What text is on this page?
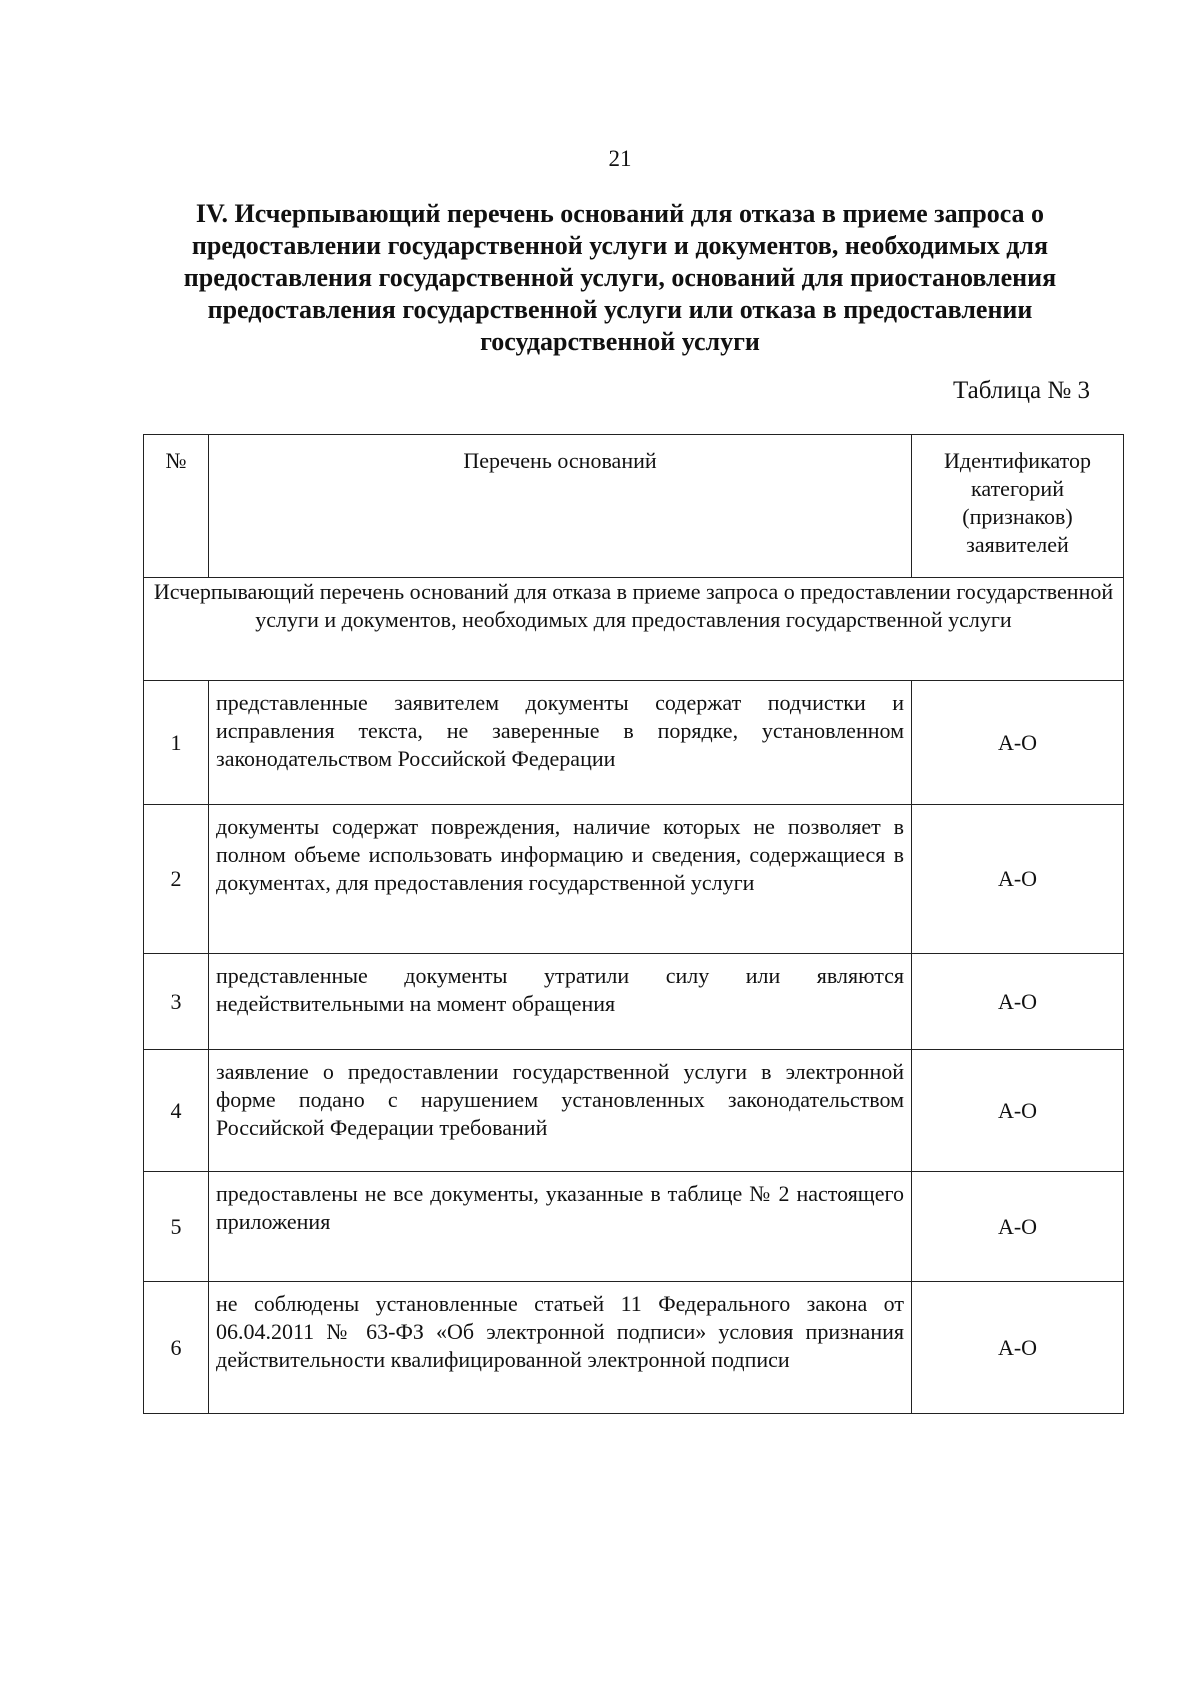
21
IV. Исчерпывающий перечень оснований для отказа в приеме запроса о предоставлении государственной услуги и документов, необходимых для предоставления государственной услуги, оснований для приостановления предоставления государственной услуги или отказа в предоставлении государственной услуги
Таблица № 3
№	Перечень оснований	Идентификатор категорий (признаков) заявителей
Исчерпывающий перечень оснований для отказа в приеме запроса о предоставлении государственной услуги и документов, необходимых для предоставления государственной услуги		
1	представленные заявителем документы содержат подчистки и исправления текста, не заверенные в порядке, установленном законодательством Российской Федерации	А-О
2	документы содержат повреждения, наличие которых не позволяет в полном объеме использовать информацию и сведения, содержащиеся в документах, для предоставления государственной услуги	А-О
3	представленные документы утратили силу или являются недействительными на момент обращения	А-О
4	заявление о предоставлении государственной услуги в электронной форме подано с нарушением установленных законодательством Российской Федерации требований	А-О
5	предоставлены не все документы, указанные в таблице № 2 настоящего приложения	А-О
6	не соблюдены установленные статьей 11 Федерального закона от 06.04.2011 № 63-ФЗ «Об электронной подписи» условия признания действительности квалифицированной электронной подписи	А-О
